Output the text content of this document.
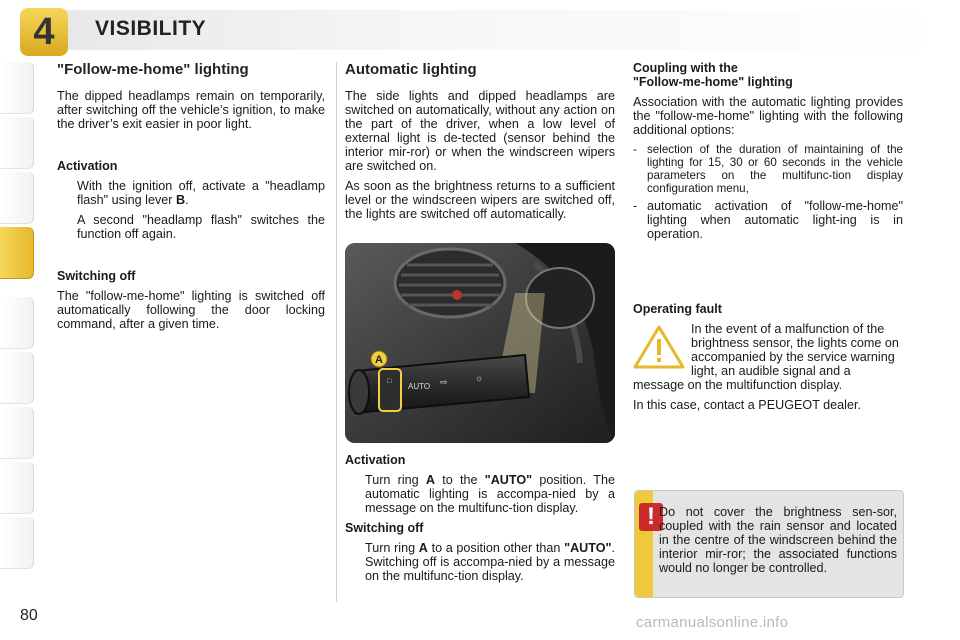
4	VISIBILITY
"Follow-me-home" lighting

The dipped headlamps remain on temporarily, after switching off the vehicle’s ignition, to make the driver’s exit easier in poor light.

Activation
With the ignition off, activate a "headlamp flash" using lever B.
A second "headlamp flash" switches the function off again.
Switching off

The "follow-me-home" lighting is switched off automatically following the door locking command, after a given time.

Automatic lighting

The side lights and dipped headlamps are switched on automatically, without any action on the part of the driver, when a low level of external light is de-tected (sensor behind the interior mir-ror) or when the windscreen wipers are switched on.

As soon as the brightness returns to a sufficient level or the windscreen wipers are switched off, the lights are switched off automatically.

□
AUTO ⇨	☼
A
Activation
Turn ring A to the "AUTO" position. The automatic lighting is accompa-nied by a message on the multifunc-tion display.
Switching off
Turn ring A to a position other than "AUTO". Switching off is accompa-nied by a message on the multifunc-tion display.
Coupling with the
"Follow-me-home" lighting

Association with the automatic lighting provides the "follow-me-home" lighting with the following additional options:

- selection of the duration of maintaining of the lighting for 15, 30 or 60 seconds in the vehicle parameters on the multifunc-tion display configuration menu,
- automatic activation of "follow-me-home" lighting when automatic light-ing is in operation.
Operating fault

In the event of a malfunction of the brightness sensor, the lights come on accompanied by the service warning light, an audible signal and a message on the multifunction display.

In this case, contact a PEUGEOT dealer.

! Do not cover the brightness sen-sor, coupled with the rain sensor and located in the centre of the windscreen behind the interior mir-ror; the associated functions would no longer be controlled.
80	carmanualsonline.info
